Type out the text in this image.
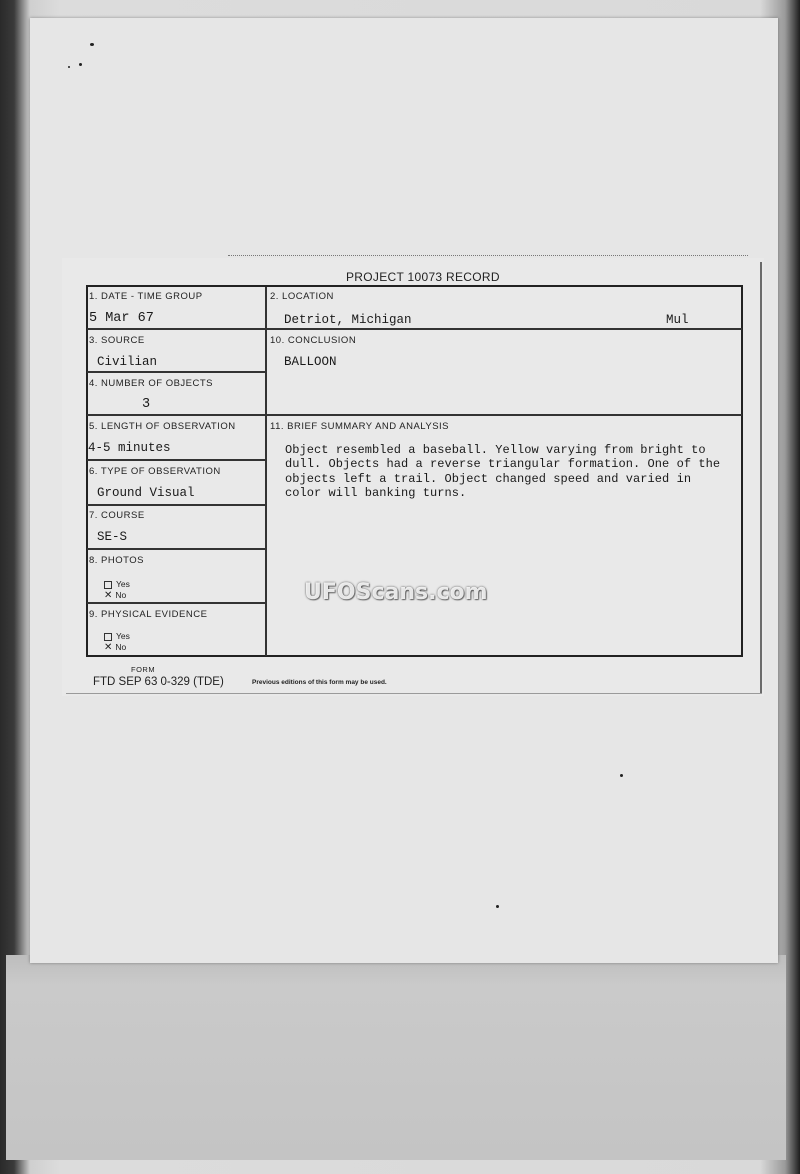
PROJECT 10073 RECORD
1. DATE - TIME GROUP
5 Mar 67
2. LOCATION
Detriot, Michigan	Mul
3. SOURCE
Civilian
10. CONCLUSION
BALLOON
4. NUMBER OF OBJECTS
3
5. LENGTH OF OBSERVATION
4-5 minutes
11. BRIEF SUMMARY AND ANALYSIS
Object resembled a baseball. Yellow varying from bright to
dull. Objects had a reverse triangular formation. One of the
objects left a trail. Object changed speed and varied in
color will banking turns.
6. TYPE OF OBSERVATION
Ground Visual
7. COURSE
SE-S
8. PHOTOS
Yes
✕ No
9. PHYSICAL EVIDENCE
Yes
✕ No
FORM
FTD SEP 63 0-329 (TDE)	Previous editions of this form may be used.
UFOScans.com
